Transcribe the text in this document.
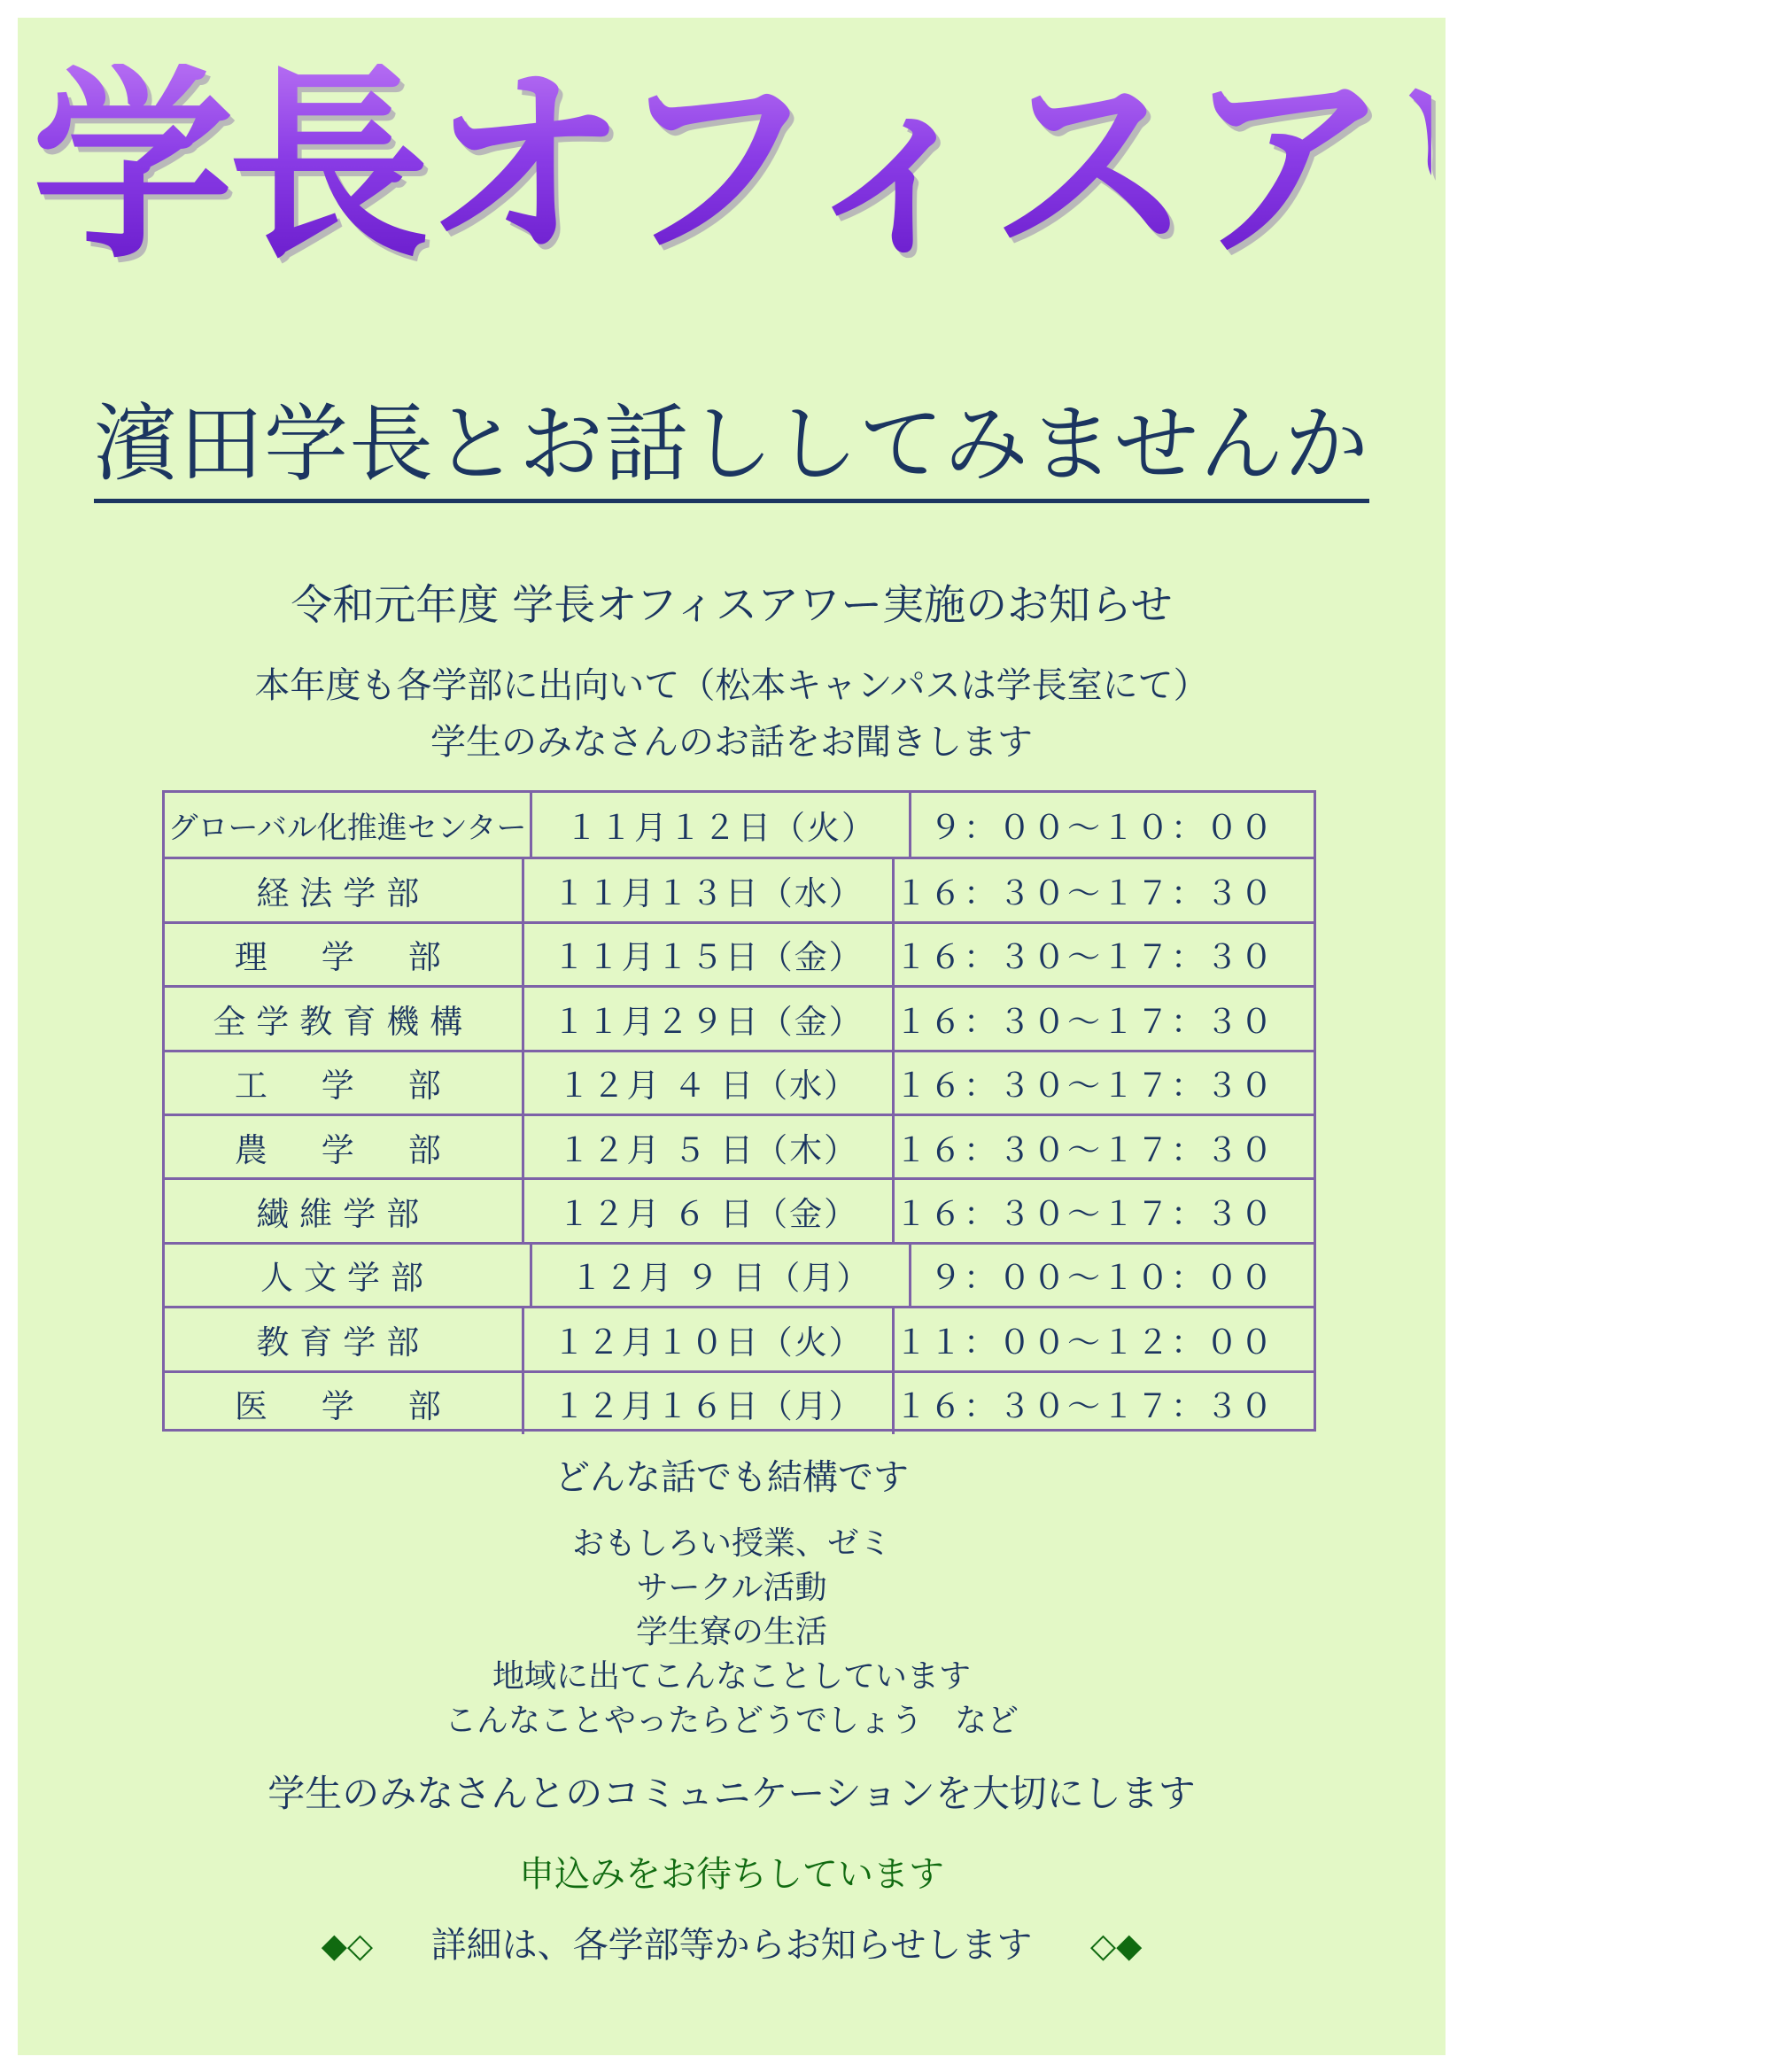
学長オフィスアワー
濱田学長とお話ししてみませんか
令和元年度 学長オフィスアワー実施のお知らせ
本年度も各学部に出向いて（松本キャンパスは学長室にて）
学生のみなさんのお話をお聞きします
グローバル化推進センター	１１月１２日（火）	９：００～１０：００
経法学部	１１月１３日（水） １６：３０～１７：３０
理　学　部	１１月１５日（金） １６：３０～１７：３０
全学教育機構	１１月２９日（金） １６：３０～１７：３０
工　学　部	１２月 ４ 日（水）	１６：３０～１７：３０
農　学　部	１２月 ５ 日（木）	１６：３０～１７：３０
繊維学部	１２月 ６ 日（金）	１６：３０～１７：３０
人文学部	１２月 ９ 日（月）	９：００～１０：００
教育学部	１２月１０日（火） １１：００～１２：００
医　学　部	１２月１６日（月） １６：３０～１７：３０
どんな話でも結構です
おもしろい授業、ゼミ
サークル活動
学生寮の生活
地域に出てこんなことしています
こんなことやったらどうでしょう　など
学生のみなさんとのコミュニケーションを大切にします
申込みをお待ちしています
◆◇ 　 詳細は、各学部等からお知らせします 　 ◇◆
